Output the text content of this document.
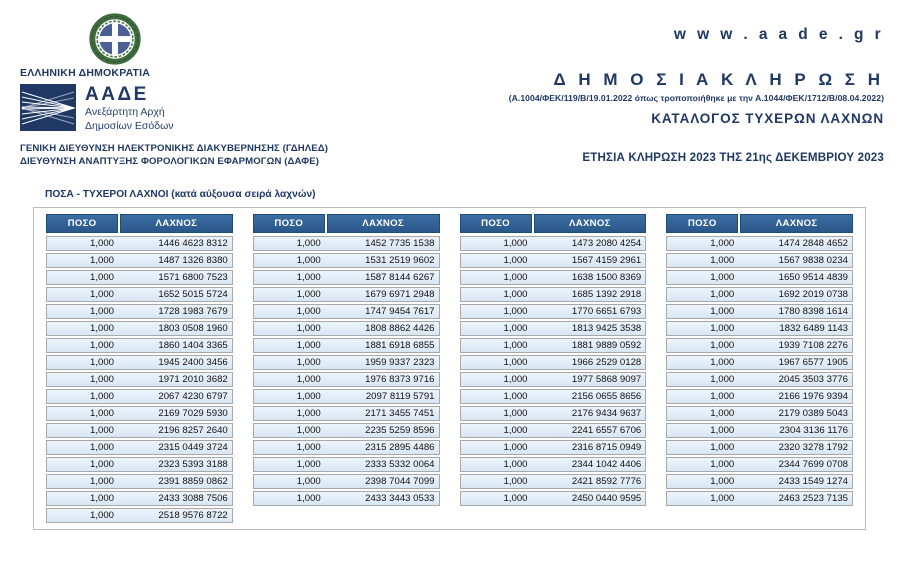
ΕΛΛΗΝΙΚΗ ΔΗΜΟΚΡΑΤΙΑ
ΑΑΔΕ
Ανεξάρτητη Αρχή
Δημοσίων Εσόδων
ΓΕΝΙΚΗ ΔΙΕΥΘΥΝΣΗ ΗΛΕΚΤΡΟΝΙΚΗΣ ΔΙΑΚΥΒΕΡΝΗΣΗΣ (ΓΔΗΛΕΔ)
ΔΙΕΥΘΥΝΣΗ ΑΝΑΠΤΥΞΗΣ ΦΟΡΟΛΟΓΙΚΩΝ ΕΦΑΡΜΟΓΩΝ (ΔΑΦΕ)
w w w . a a d e . g r
Δ Η Μ Ο Σ Ι Α Κ Λ Η Ρ Ω Σ Η
(Α.1004/ΦΕΚ/119/Β/19.01.2022 όπως τροποποιήθηκε με την Α.1044/ΦΕΚ/1712/Β/08.04.2022)
ΚΑΤΑΛΟΓΟΣ ΤΥΧΕΡΩΝ ΛΑΧΝΩΝ
ΕΤΗΣΙΑ ΚΛΗΡΩΣΗ 2023 ΤΗΣ 21ης ΔΕΚΕΜΒΡΙΟΥ 2023
ΠΟΣΑ - ΤΥΧΕΡΟΙ ΛΑΧΝΟΙ (κατά αύξουσα σειρά λαχνών)
ΠΟΣΟ	ΛΑΧΝΟΣ
1,000	1446 4623 8312
1,000	1487 1326 8380
1,000	1571 6800 7523
1,000	1652 5015 5724
1,000	1728 1983 7679
1,000	1803 0508 1960
1,000	1860 1404 3365
1,000	1945 2400 3456
1,000	1971 2010 3682
1,000	2067 4230 6797
1,000	2169 7029 5930
1,000	2196 8257 2640
1,000	2315 0449 3724
1,000	2323 5393 3188
1,000	2391 8859 0862
1,000	2433 3088 7506
1,000	2518 9576 8722
ΠΟΣΟ	ΛΑΧΝΟΣ
1,000	1452 7735 1538
1,000	1531 2519 9602
1,000	1587 8144 6267
1,000	1679 6971 2948
1,000	1747 9454 7617
1,000	1808 8862 4426
1,000	1881 6918 6855
1,000	1959 9337 2323
1,000	1976 8373 9716
1,000	2097 8119 5791
1,000	2171 3455 7451
1,000	2235 5259 8596
1,000	2315 2895 4486
1,000	2333 5332 0064
1,000	2398 7044 7099
1,000	2433 3443 0533
ΠΟΣΟ	ΛΑΧΝΟΣ
1,000	1473 2080 4254
1,000	1567 4159 2961
1,000	1638 1500 8369
1,000	1685 1392 2918
1,000	1770 6651 6793
1,000	1813 9425 3538
1,000	1881 9889 0592
1,000	1966 2529 0128
1,000	1977 5868 9097
1,000	2156 0655 8656
1,000	2176 9434 9637
1,000	2241 6557 6706
1,000	2316 8715 0949
1,000	2344 1042 4406
1,000	2421 8592 7776
1,000	2450 0440 9595
ΠΟΣΟ	ΛΑΧΝΟΣ
1,000	1474 2848 4652
1,000	1567 9838 0234
1,000	1650 9514 4839
1,000	1692 2019 0738
1,000	1780 8398 1614
1,000	1832 6489 1143
1,000	1939 7108 2276
1,000	1967 6577 1905
1,000	2045 3503 3776
1,000	2166 1976 9394
1,000	2179 0389 5043
1,000	2304 3136 1176
1,000	2320 3278 1792
1,000	2344 7699 0708
1,000	2433 1549 1274
1,000	2463 2523 7135
